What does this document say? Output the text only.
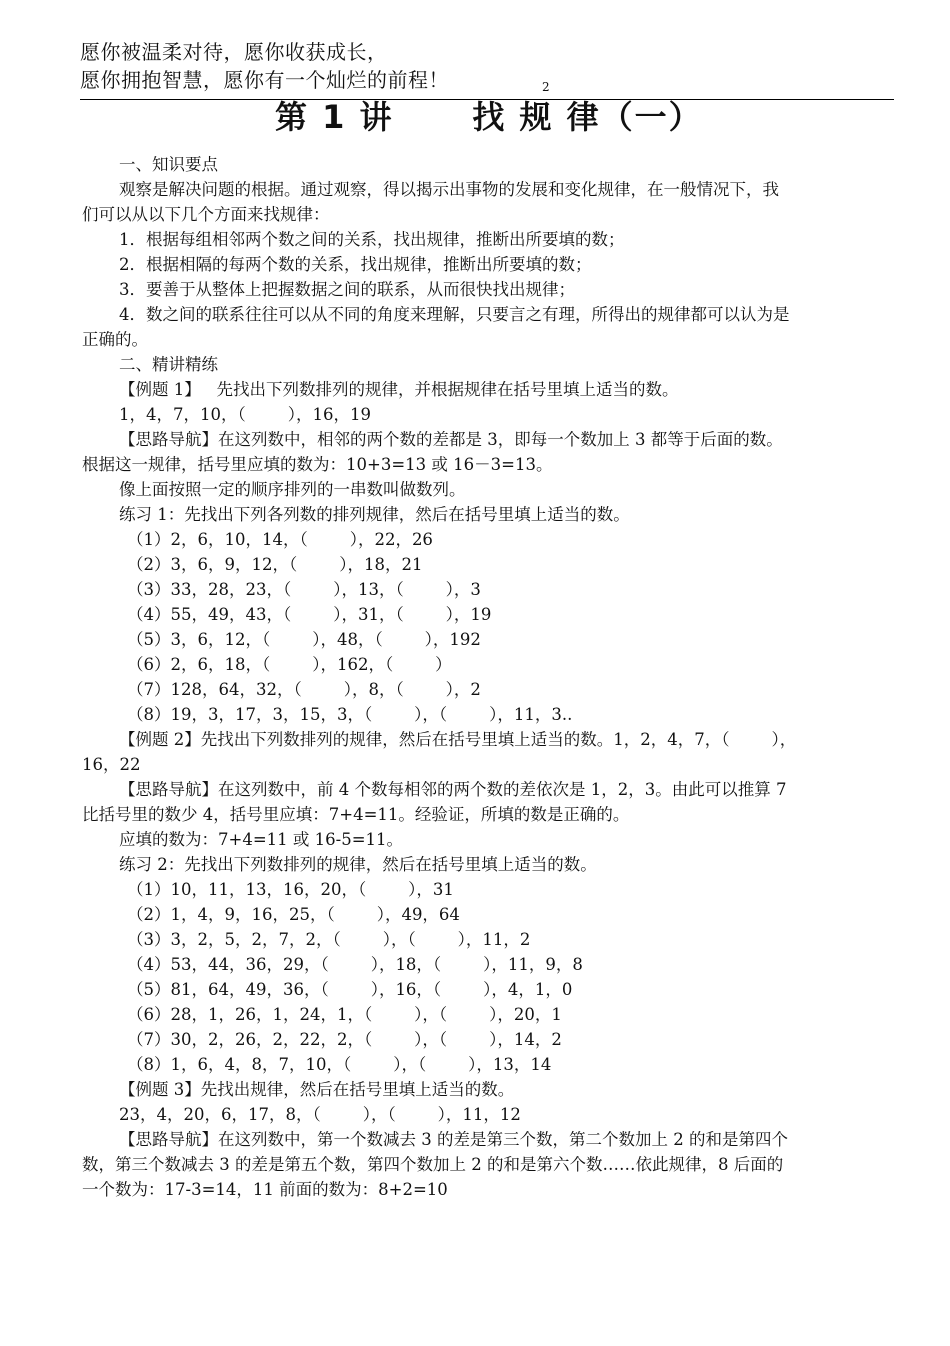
愿你被温柔对待，愿你收获成长，
愿你拥抱智慧，愿你有一个灿烂的前程！	2
第 1 讲      找 规 律（一）

一、知识要点

观察是解决问题的根据。通过观察，得以揭示出事物的发展和变化规律，在一般情况下，我

们可以从以下几个方面来找规律：

1．根据每组相邻两个数之间的关系，找出规律，推断出所要填的数；

2．根据相隔的每两个数的关系，找出规律，推断出所要填的数；

3．要善于从整体上把握数据之间的联系，从而很快找出规律；

4．数之间的联系往往可以从不同的角度来理解，只要言之有理，所得出的规律都可以认为是

正确的。

二、精讲精练

【例题 1】   先找出下列数排列的规律，并根据规律在括号里填上适当的数。

1，4，7，10，（        ），16，19

【思路导航】在这列数中，相邻的两个数的差都是 3，即每一个数加上 3 都等于后面的数。

根据这一规律，括号里应填的数为：10+3=13 或 16－3=13。

像上面按照一定的顺序排列的一串数叫做数列。

练习 1：先找出下列各列数的排列规律，然后在括号里填上适当的数。

（1）2，6，10，14，（        ），22，26

（2）3，6，9，12，（        ），18，21

（3）33，28，23，（        ），13，（        ），3

（4）55，49，43，（        ），31，（        ），19

（5）3，6，12，（        ），48，（        ），192

（6）2，6，18，（        ），162，（        ）

（7）128，64，32，（        ），8，（        ），2

（8）19，3，17，3，15，3，（        ），（        ），11，3..

【例题 2】先找出下列数排列的规律，然后在括号里填上适当的数。1，2，4，7，（        ），

16，22

【思路导航】在这列数中，前 4 个数每相邻的两个数的差依次是 1，2，3。由此可以推算 7

比括号里的数少 4，括号里应填：7+4=11。经验证，所填的数是正确的。

应填的数为：7+4=11 或 16-5=11。

练习 2：先找出下列数排列的规律，然后在括号里填上适当的数。

（1）10，11，13，16，20，（        ），31

（2）1，4，9，16，25，（        ），49，64

（3）3，2，5，2，7，2，（        ），（        ），11，2

（4）53，44，36，29，（        ），18，（        ），11，9，8

（5）81，64，49，36，（        ），16，（        ），4，1，0

（6）28，1，26，1，24，1，（        ），（        ），20，1

（7）30，2，26，2，22，2，（        ），（        ），14，2

（8）1，6，4，8，7，10，（        ），（        ），13，14

【例题 3】先找出规律，然后在括号里填上适当的数。

23，4，20，6，17，8，（        ），（        ），11，12

【思路导航】在这列数中，第一个数减去 3 的差是第三个数，第二个数加上 2 的和是第四个

数，第三个数减去 3 的差是第五个数，第四个数加上 2 的和是第六个数……依此规律，8 后面的

一个数为：17-3=14，11 前面的数为：8+2=10
